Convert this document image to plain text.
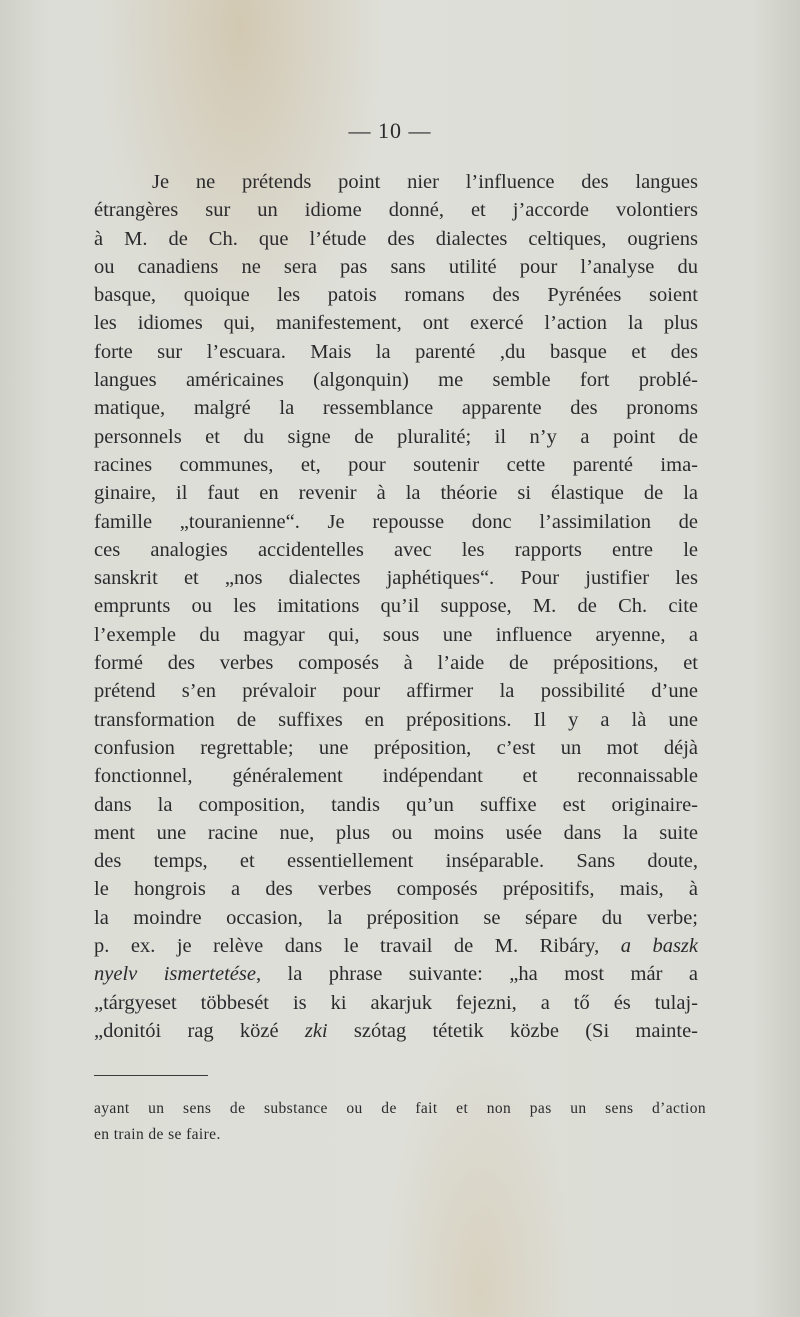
— 10 —

Je ne prétends point nier l’influence des langues
étrangères sur un idiome donné, et j’accorde volontiers
à M. de Ch. que l’étude des dialectes celtiques, ougriens
ou canadiens ne sera pas sans utilité pour l’analyse du
basque, quoique les patois romans des Pyrénées soient
les idiomes qui, manifestement, ont exercé l’action la plus
forte sur l’escuara. Mais la parenté ,du basque et des
langues américaines (algonquin) me semble fort problé-
matique, malgré la ressemblance apparente des pronoms
personnels et du signe de pluralité; il n’y a point de
racines communes, et, pour soutenir cette parenté ima-
ginaire, il faut en revenir à la théorie si élastique de la
famille „touranienne“. Je repousse donc l’assimilation de
ces analogies accidentelles avec les rapports entre le
sanskrit et „nos dialectes japhétiques“. Pour justifier les
emprunts ou les imitations qu’il suppose, M. de Ch. cite
l’exemple du magyar qui, sous une influence aryenne, a
formé des verbes composés à l’aide de prépositions, et
prétend s’en prévaloir pour affirmer la possibilité d’une
transformation de suffixes en prépositions. Il y a là une
confusion regrettable; une préposition, c’est un mot déjà
fonctionnel, généralement indépendant et reconnaissable
dans la composition, tandis qu’un suffixe est originaire-
ment une racine nue, plus ou moins usée dans la suite
des temps, et essentiellement inséparable. Sans doute,
le hongrois a des verbes composés prépositifs, mais, à
la moindre occasion, la préposition se sépare du verbe;
p. ex. je relève dans le travail de M. Ribáry, a baszk
nyelv ismertetése, la phrase suivante: „ha most már a
„tárgyeset többesét is ki akarjuk fejezni, a tő és tulaj-
„donitói rag közé zki szótag tétetik közbe (Si mainte-
ayant un sens de substance ou de fait et non pas un sens d’action
en train de se faire.
